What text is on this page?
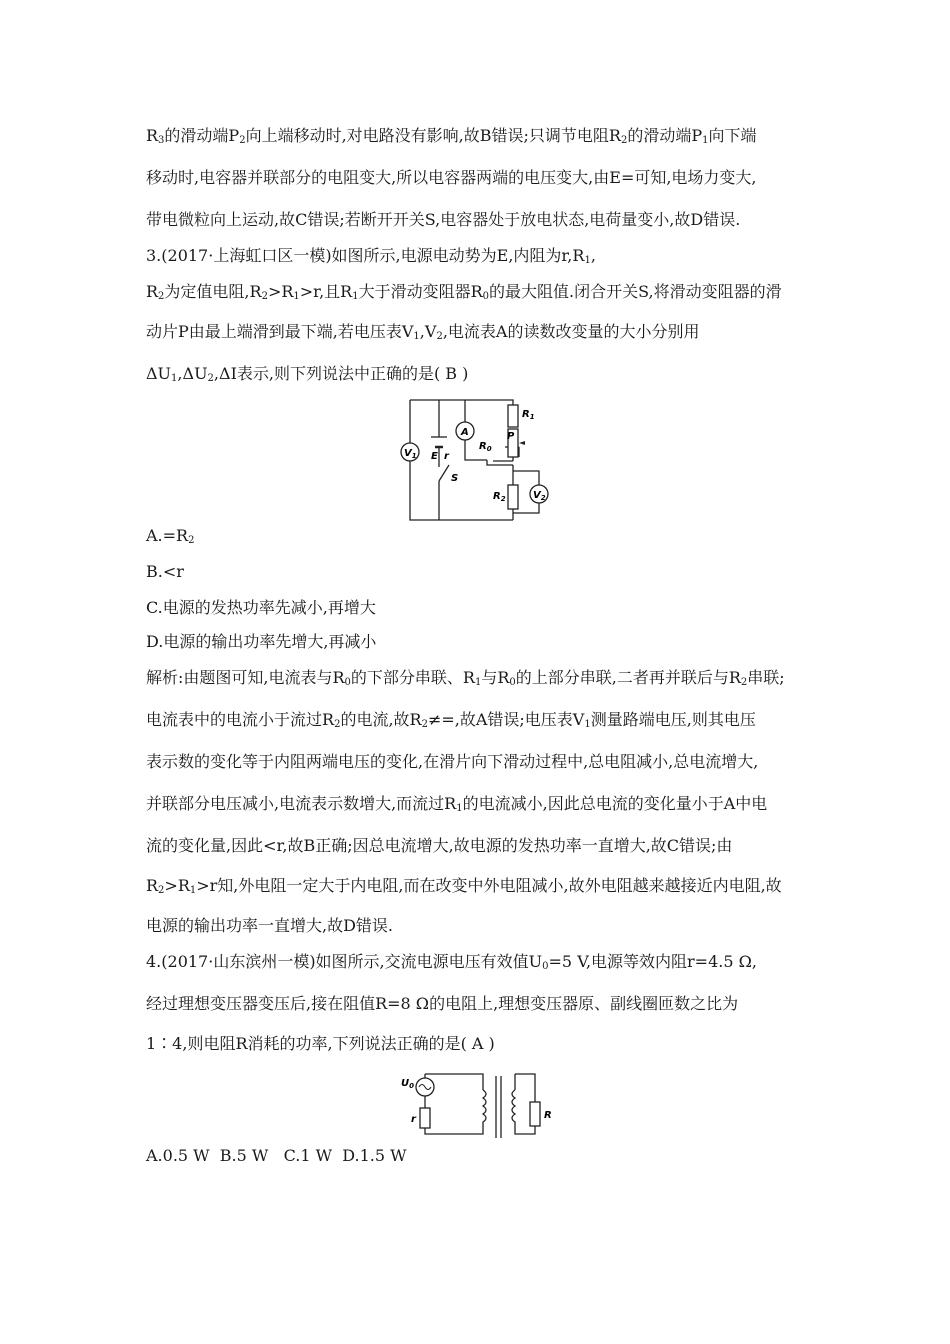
$R_3$的滑动端$P_2$向上端移动时,对电路没有影响,故B错误;只调节电阻$R_2$的滑动端$P_1$向下端
移动时,电容器并联部分的电阻变大,所以电容器两端的电压变大,由E=可知,电场力变大,
带电微粒向上运动,故C错误;若断开开关S,电容器处于放电状态,电荷量变小,故D错误.
3.(2017·上海虹口区一模)如图所示,电源电动势为E,内阻为$r,R_1$,
$R_2$为定值电阻$,R_2>R_1>r$,且$R_1$大于滑动变阻器$R_0$的最大阻值.闭合开关S,将滑动变阻器的滑
动片P由最上端滑到最下端,若电压表$V_1,V_2$,电流表A的读数改变量的大小分别用
$\Delta U_1,\Delta U_2,\Delta I$表示,则下列说法中正确的是( B )
$V_1$
A
$R_1$
$R_0$
P
E r
S
$R_2$	$V_2$
$A.=R_2$
B.<r
C.电源的发热功率先减小,再增大
D.电源的输出功率先增大,再减小
解析:由题图可知,电流表与$R_0$的下部分串联、$R_1$与$R_0$的上部分串联,二者再并联后与$R_2$串联;
电流表中的电流小于流过$R_2$的电流,故$R_2\ne=$,故A错误;电压表$V_1$测量路端电压,则其电压
表示数的变化等于内阻两端电压的变化,在滑片向下滑动过程中,总电阻减小,总电流增大,
并联部分电压减小,电流表示数增大,而流过$R_1$的电流减小,因此总电流的变化量小于A中电
流的变化量,因此<r,故B正确;因总电流增大,故电源的发热功率一直增大,故C错误;由
$R_2>R_1>r$知,外电阻一定大于内电阻,而在改变中外电阻减小,故外电阻越来越接近内电阻,故
电源的输出功率一直增大,故D错误.
4.(2017·山东滨州一模)如图所示,交流电源电压有效值$U_0=5$ V,电源等效内阻r=4.5 Ω,
经过理想变压器变压后,接在阻值R=8 Ω的电阻上,理想变压器原、副线圈匝数之比为
1∶4,则电阻R消耗的功率,下列说法正确的是( A )
$U_0$
r	R
A.0.5 W  B.5 W   C.1 W  D.1.5 W
